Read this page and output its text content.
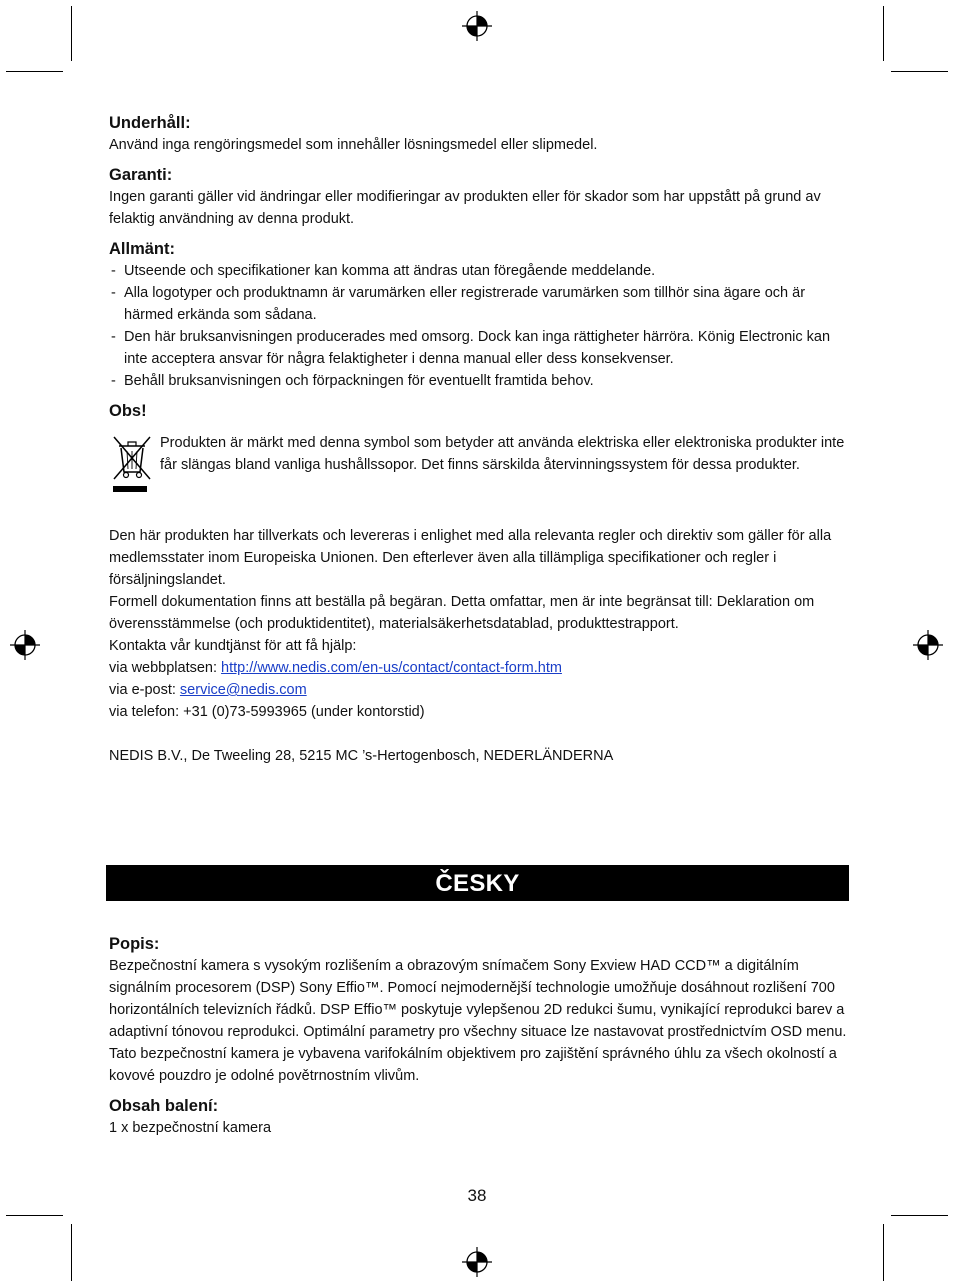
Underhåll:

Använd inga rengöringsmedel som innehåller lösningsmedel eller slipmedel.

Garanti:

Ingen garanti gäller vid ändringar eller modifieringar av produkten eller för skador som har uppstått på grund av felaktig användning av denna produkt.

Allmänt:
- Utseende och specifikationer kan komma att ändras utan föregående meddelande.
- Alla logotyper och produktnamn är varumärken eller registrerade varumärken som tillhör sina ägare och är härmed erkända som sådana.
- Den här bruksanvisningen producerades med omsorg. Dock kan inga rättigheter härröra. König Electronic kan inte acceptera ansvar för några felaktigheter i denna manual eller dess konsekvenser.
- Behåll bruksanvisningen och förpackningen för eventuellt framtida behov.
Obs!

Produkten är märkt med denna symbol som betyder att använda elektriska eller elektroniska produkter inte får slängas bland vanliga hushållssopor. Det finns särskilda återvinningssystem för dessa produkter.

Den här produkten har tillverkats och levereras i enlighet med alla relevanta regler och direktiv som gäller för alla medlemsstater inom Europeiska Unionen. Den efterlever även alla tillämpliga specifikationer och regler i försäljningslandet.

Formell dokumentation finns att beställa på begäran. Detta omfattar, men är inte begränsat till: Deklaration om överensstämmelse (och produktidentitet), materialsäkerhetsdatablad, produkttestrapport.

Kontakta vår kundtjänst för att få hjälp:

via webbplatsen: http://www.nedis.com/en-us/contact/contact-form.htm

via e-post: service@nedis.com

via telefon: +31 (0)73-5993965 (under kontorstid)

NEDIS B.V., De Tweeling 28, 5215 MC ’s-Hertogenbosch, NEDERLÄNDERNA

ČESKY
Popis:

Bezpečnostní kamera s vysokým rozlišením a obrazovým snímačem Sony Exview HAD CCD™ a digitálním signálním procesorem (DSP) Sony Effio™. Pomocí nejmodernější technologie umožňuje dosáhnout rozlišení 700 horizontálních televizních řádků. DSP Effio™ poskytuje vylepšenou 2D redukci šumu, vynikající reprodukci barev a adaptivní tónovou reprodukci. Optimální parametry pro všechny situace lze nastavovat prostřednictvím OSD menu. Tato bezpečnostní kamera je vybavena varifokálním objektivem pro zajištění správného úhlu za všech okolností a kovové pouzdro je odolné povětrnostním vlivům.

Obsah balení:

1 x bezpečnostní kamera

38
